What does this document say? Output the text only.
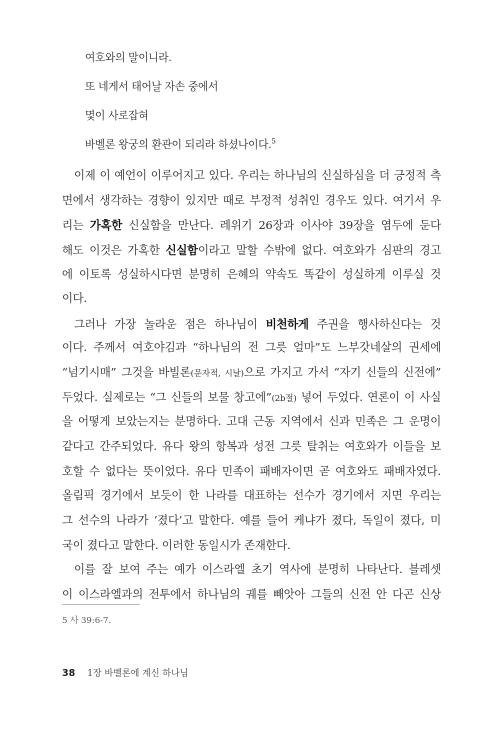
여호와의 말이니라.
또 네게서 태어날 자손 중에서
몇이 사로잡혀
바벨론 왕궁의 환관이 되리라 하셨나이다.$^5$
이제 이 예언이 이루어지고 있다. 우리는 하나님의 신실하심을 더 긍정적 측
면에서 생각하는 경향이 있지만 때로 부정적 성취인 경우도 있다. 여기서 우
리는 가혹한 신실함을 만난다. 레위기 26장과 이사야 39장을 염두에 둔다
해도 이것은 가혹한 신실함이라고 말할 수밖에 없다. 여호와가 심판의 경고
에 이토록 성실하시다면 분명히 은혜의 약속도 똑같이 성실하게 이루실 것
이다.
그러나 가장 놀라운 점은 하나님이 비천하게 주권을 행사하신다는 것
이다. 주께서 여호야김과 “하나님의 전 그릇 얼마”도 느부갓네살의 권세에
“넘기시매” 그것을 바빌론(문자적, 시날)으로 가지고 가서 “자기 신들의 신전에”
두었다. 실제로는 “그 신들의 보물 창고에”(2b절) 넣어 두었다. 연론이 이 사실
을 어떻게 보았는지는 분명하다. 고대 근동 지역에서 신과 민족은 그 운명이
같다고 간주되었다. 유다 왕의 항복과 성전 그릇 탈취는 여호와가 이들을 보
호할 수 없다는 뜻이었다. 유다 민족이 패배자이면 곧 여호와도 패배자였다.
올림픽 경기에서 보듯이 한 나라를 대표하는 선수가 경기에서 지면 우리는
그 선수의 나라가 ‘졌다’고 말한다. 예를 들어 케냐가 졌다, 독일이 졌다, 미
국이 졌다고 말한다. 이러한 동일시가 존재한다.
이를 잘 보여 주는 예가 이스라엘 초기 역사에 분명히 나타난다. 블레셋
이 이스라엘과의 전투에서 하나님의 궤를 빼앗아 그들의 신전 안 다곤 신상
5 사 39:6-7.
38 1장 바벨론에 계신 하나님
